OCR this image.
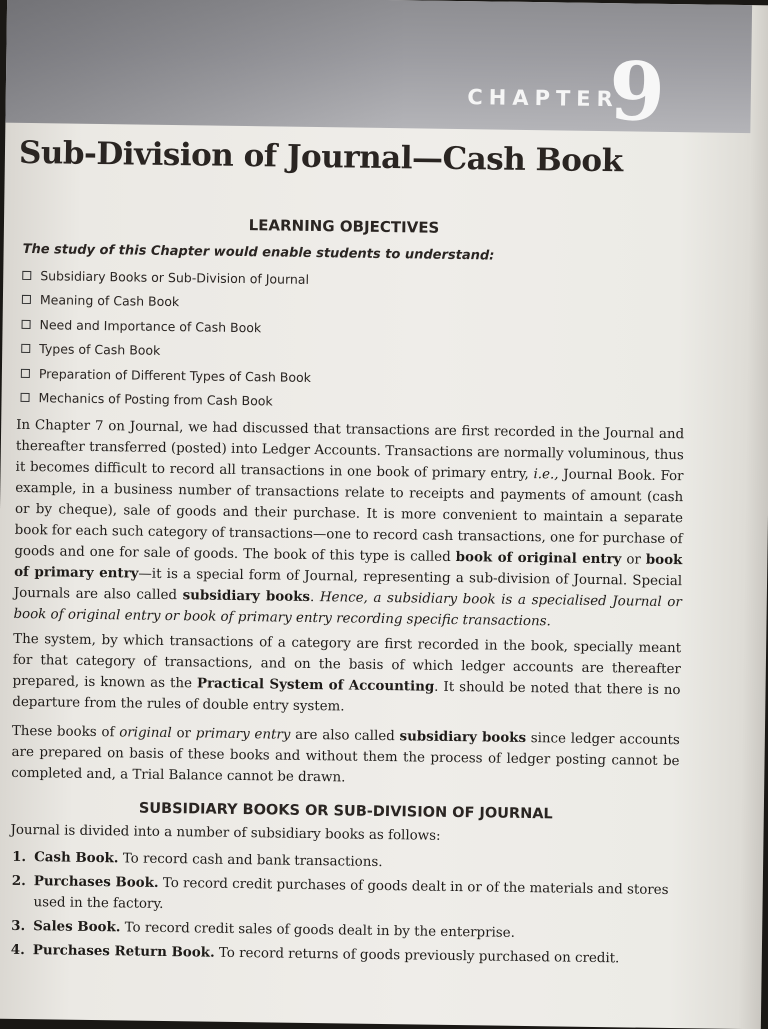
CHAPTER
9
Sub-Division of Journal—Cash Book
LEARNING OBJECTIVES
The study of this Chapter would enable students to understand:
Subsidiary Books or Sub-Division of Journal
Meaning of Cash Book
Need and Importance of Cash Book
Types of Cash Book
Preparation of Different Types of Cash Book
Mechanics of Posting from Cash Book

In Chapter 7 on Journal, we had discussed that transactions are first recorded in the Journal and thereafter transferred (posted) into Ledger Accounts. Transactions are normally voluminous, thus it becomes difficult to record all transactions in one book of primary entry, i.e., Journal Book. For example, in a business number of transactions relate to receipts and payments of amount (cash or by cheque), sale of goods and their purchase. It is more convenient to maintain a separate book for each such category of transactions—one to record cash transactions, one for purchase of goods and one for sale of goods. The book of this type is called book of original entry or book of primary entry—it is a special form of Journal, representing a sub-division of Journal. Special Journals are also called subsidiary books. Hence, a subsidiary book is a specialised Journal or book of original entry or book of primary entry recording specific transactions.

The system, by which transactions of a category are first recorded in the book, specially meant for that category of transactions, and on the basis of which ledger accounts are thereafter prepared, is known as the Practical System of Accounting. It should be noted that there is no departure from the rules of double entry system.

These books of original or primary entry are also called subsidiary books since ledger accounts are prepared on basis of these books and without them the process of ledger posting cannot be completed and, a Trial Balance cannot be drawn.

SUBSIDIARY BOOKS OR SUB-DIVISION OF JOURNAL

Journal is divided into a number of subsidiary books as follows:

1. Cash Book. To record cash and bank transactions.
2. Purchases Book. To record credit purchases of goods dealt in or of the materials and stores used in the factory.
3. Sales Book. To record credit sales of goods dealt in by the enterprise.
4. Purchases Return Book. To record returns of goods previously purchased on credit.
